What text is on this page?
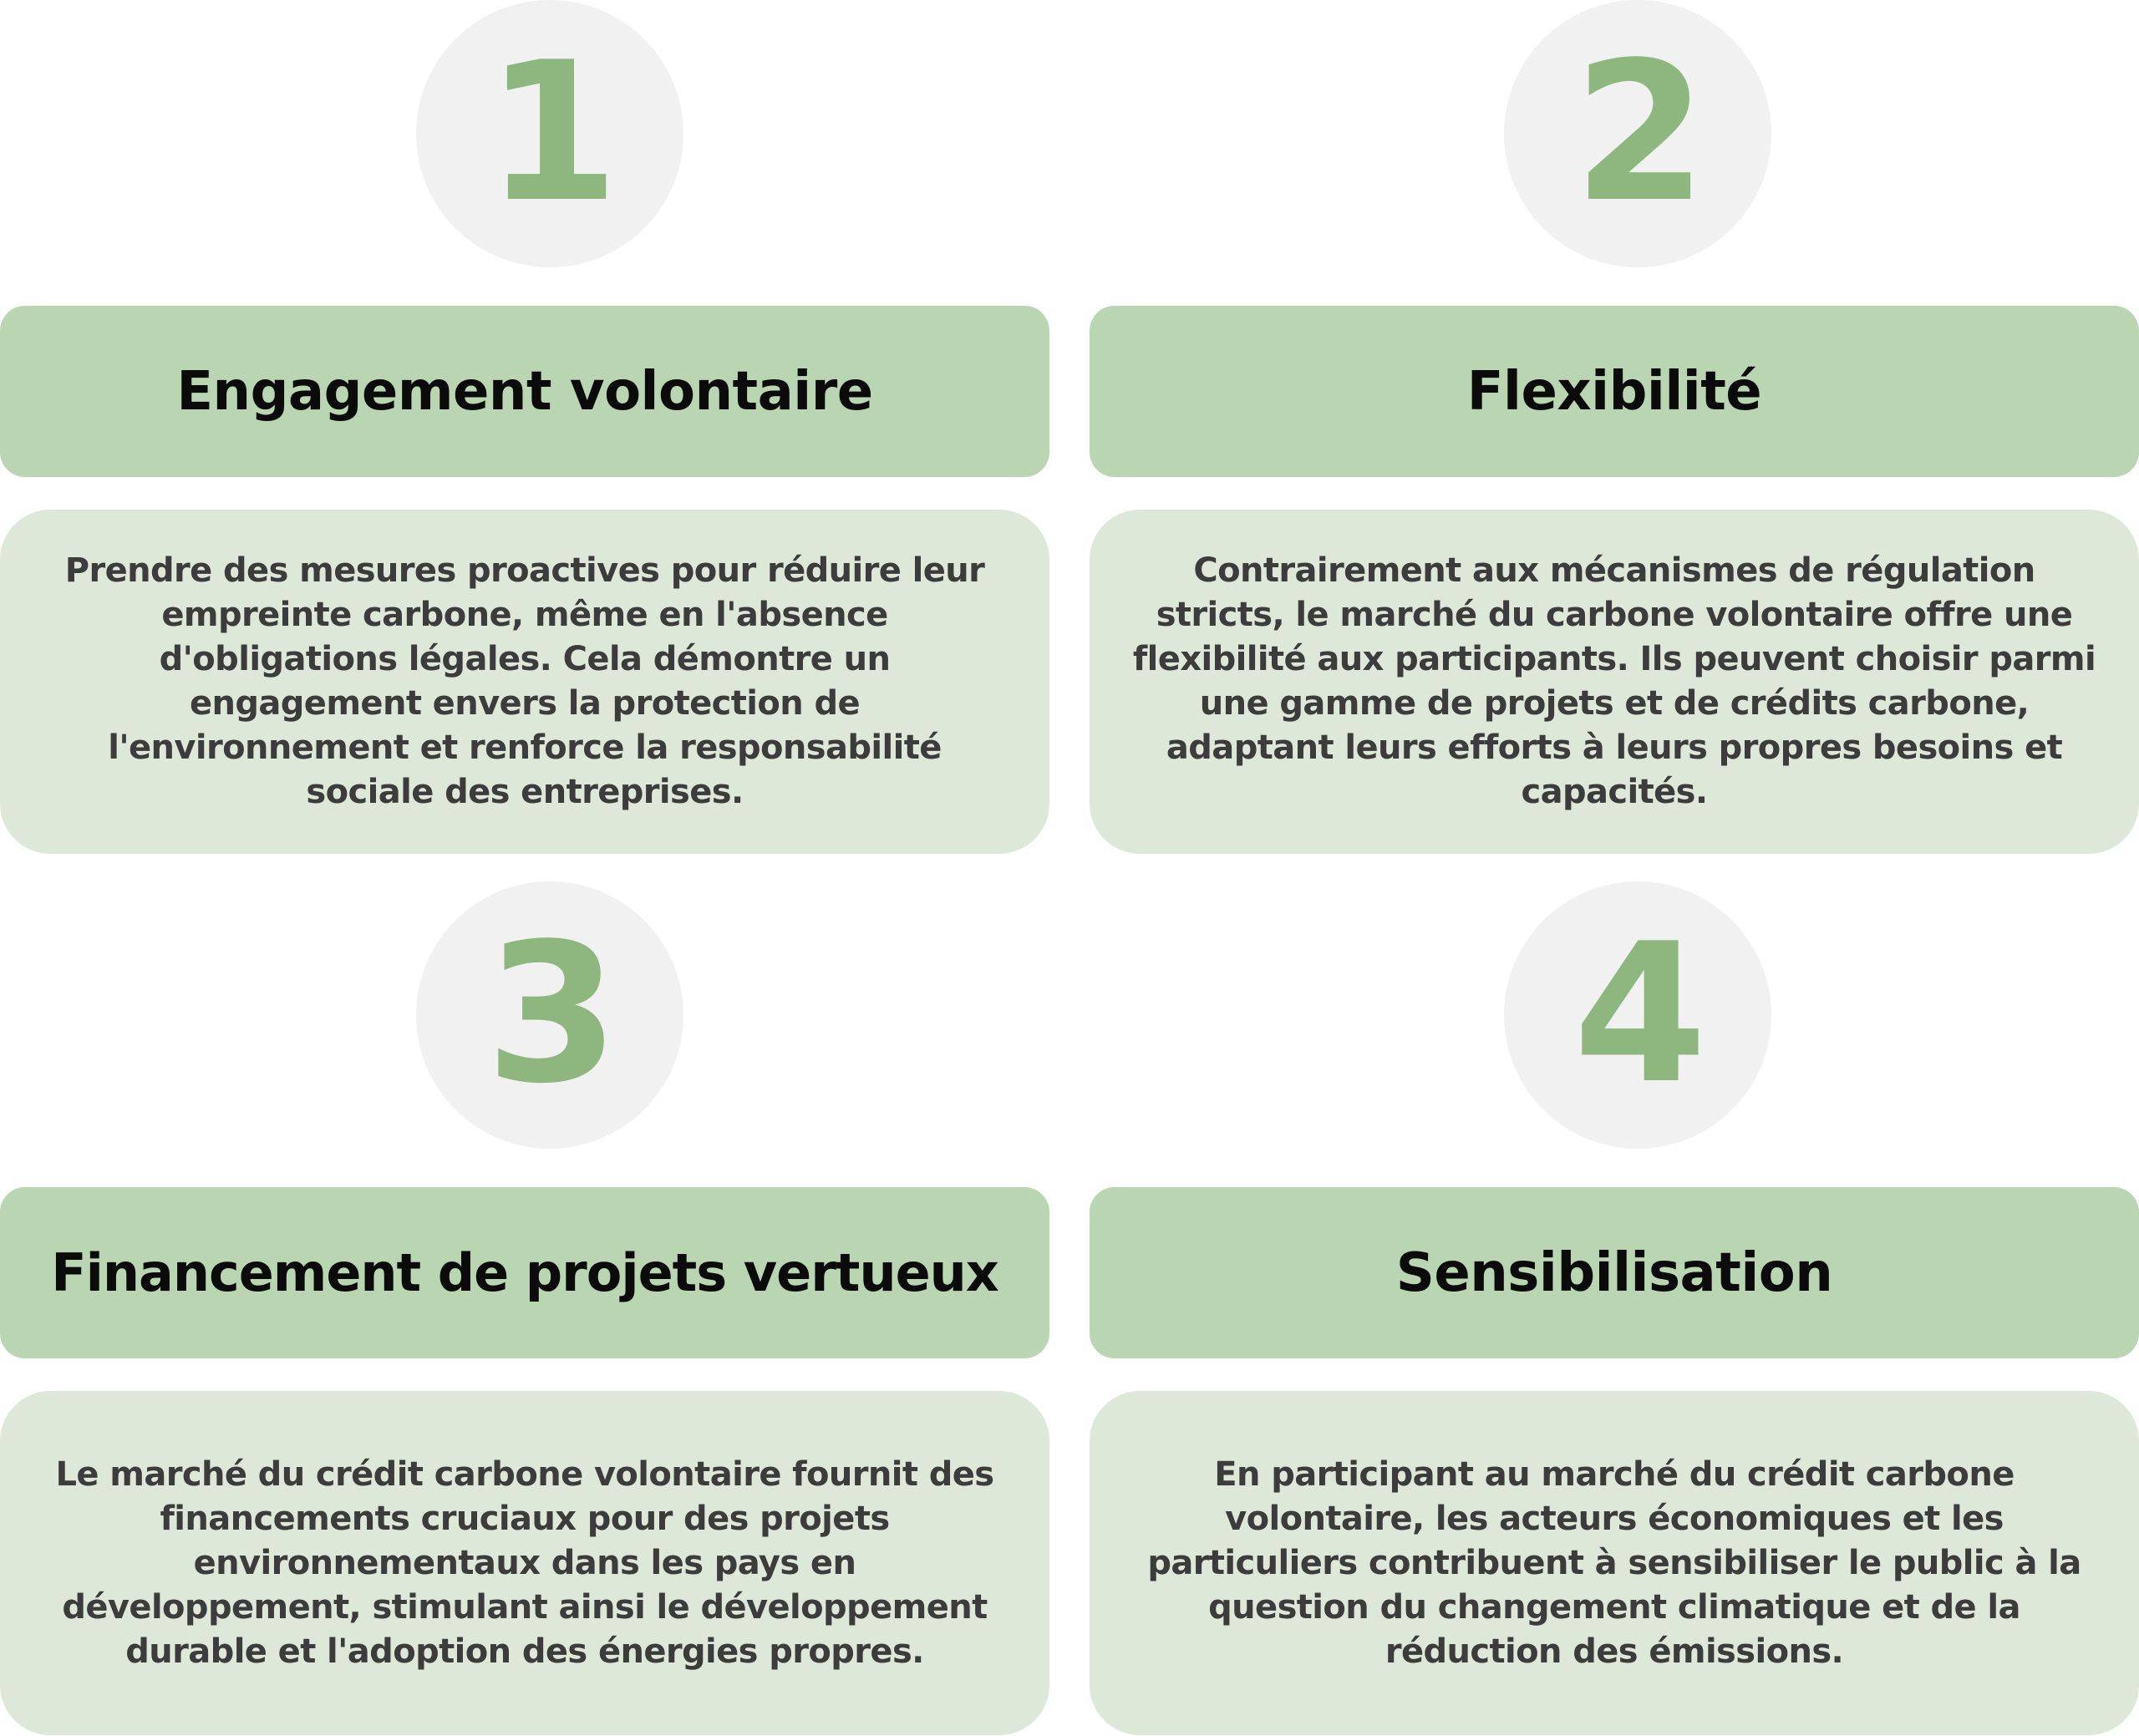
1
Engagement volontaire

Prendre des mesures proactives pour réduire leur empreinte carbone, même en l'absence d'obligations légales. Cela démontre un engagement envers la protection de l'environnement et renforce la responsabilité sociale des entreprises.

2
Flexibilité

Contrairement aux mécanismes de régulation stricts, le marché du carbone volontaire offre une flexibilité aux participants. Ils peuvent choisir parmi une gamme de projets et de crédits carbone, adaptant leurs efforts à leurs propres besoins et capacités.

3
Financement de projets vertueux

Le marché du crédit carbone volontaire fournit des financements cruciaux pour des projets environnementaux dans les pays en développement, stimulant ainsi le développement durable et l'adoption des énergies propres.

4
Sensibilisation

En participant au marché du crédit carbone volontaire, les acteurs économiques et les particuliers contribuent à sensibiliser le public à la question du changement climatique et de la réduction des émissions.
